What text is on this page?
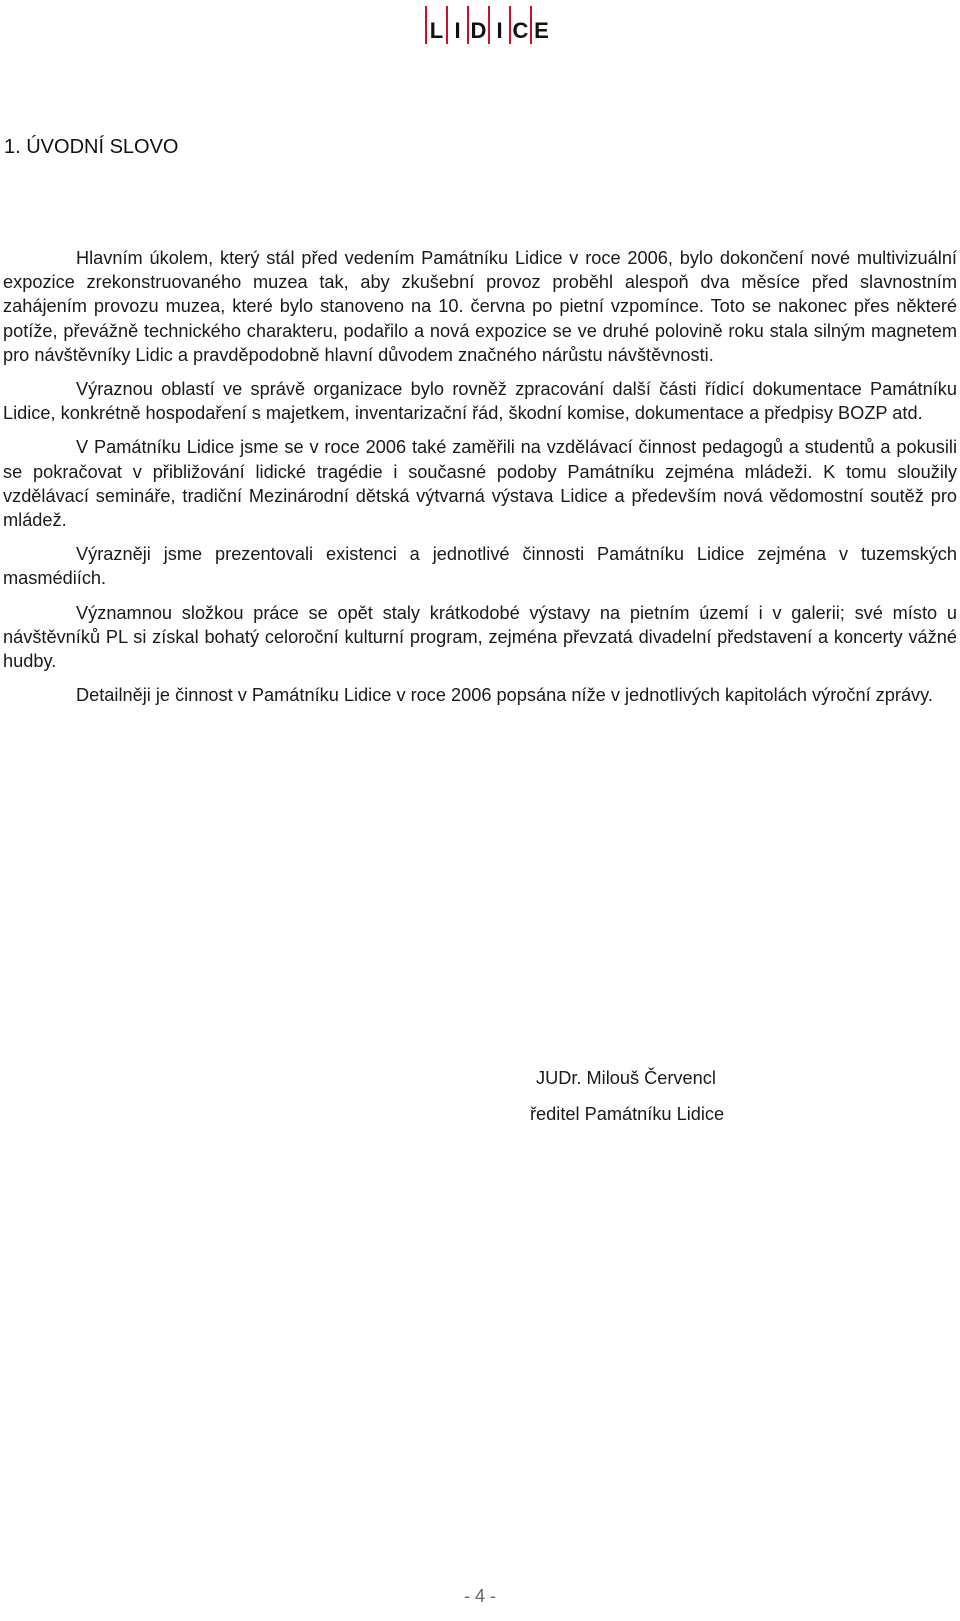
L I D I C E
1. ÚVODNÍ SLOVO

Hlavním úkolem, který stál před vedením Památníku Lidice v roce 2006, bylo dokončení nové multivizuální expozice zrekonstruovaného muzea tak, aby zkušební provoz proběhl alespoň dva měsíce před slavnostním zahájením provozu muzea, které bylo stanoveno na 10. června po pietní vzpomínce. Toto se nakonec přes některé potíže, převážně technického charakteru, podařilo a nová expozice se ve druhé polovině roku stala silným magnetem pro návštěvníky Lidic a pravděpodobně hlavní důvodem značného nárůstu návštěvnosti.

Výraznou oblastí ve správě organizace bylo rovněž zpracování další části řídicí dokumentace Památníku Lidice, konkrétně hospodaření s majetkem, inventarizační řád, škodní komise, dokumentace a předpisy BOZP atd.

V Památníku Lidice jsme se v roce 2006 také zaměřili na vzdělávací činnost pedagogů a studentů a pokusili se pokračovat v přibližování lidické tragédie i současné podoby Památníku zejména mládeži. K tomu sloužily vzdělávací semináře, tradiční Mezinárodní dětská výtvarná výstava Lidice a především nová vědomostní soutěž pro mládež.

Výrazněji jsme prezentovali existenci a jednotlivé činnosti Památníku Lidice zejména v tuzemských masmédiích.

Významnou složkou práce se opět staly krátkodobé výstavy na pietním území i v galerii; své místo u návštěvníků PL si získal bohatý celoroční kulturní program, zejména převzatá divadelní představení a koncerty vážné hudby.

Detailněji je činnost v Památníku Lidice v roce 2006 popsána níže v jednotlivých kapitolách výroční zprávy.

JUDr. Milouš Červencl
ředitel Památníku Lidice
- 4 -
